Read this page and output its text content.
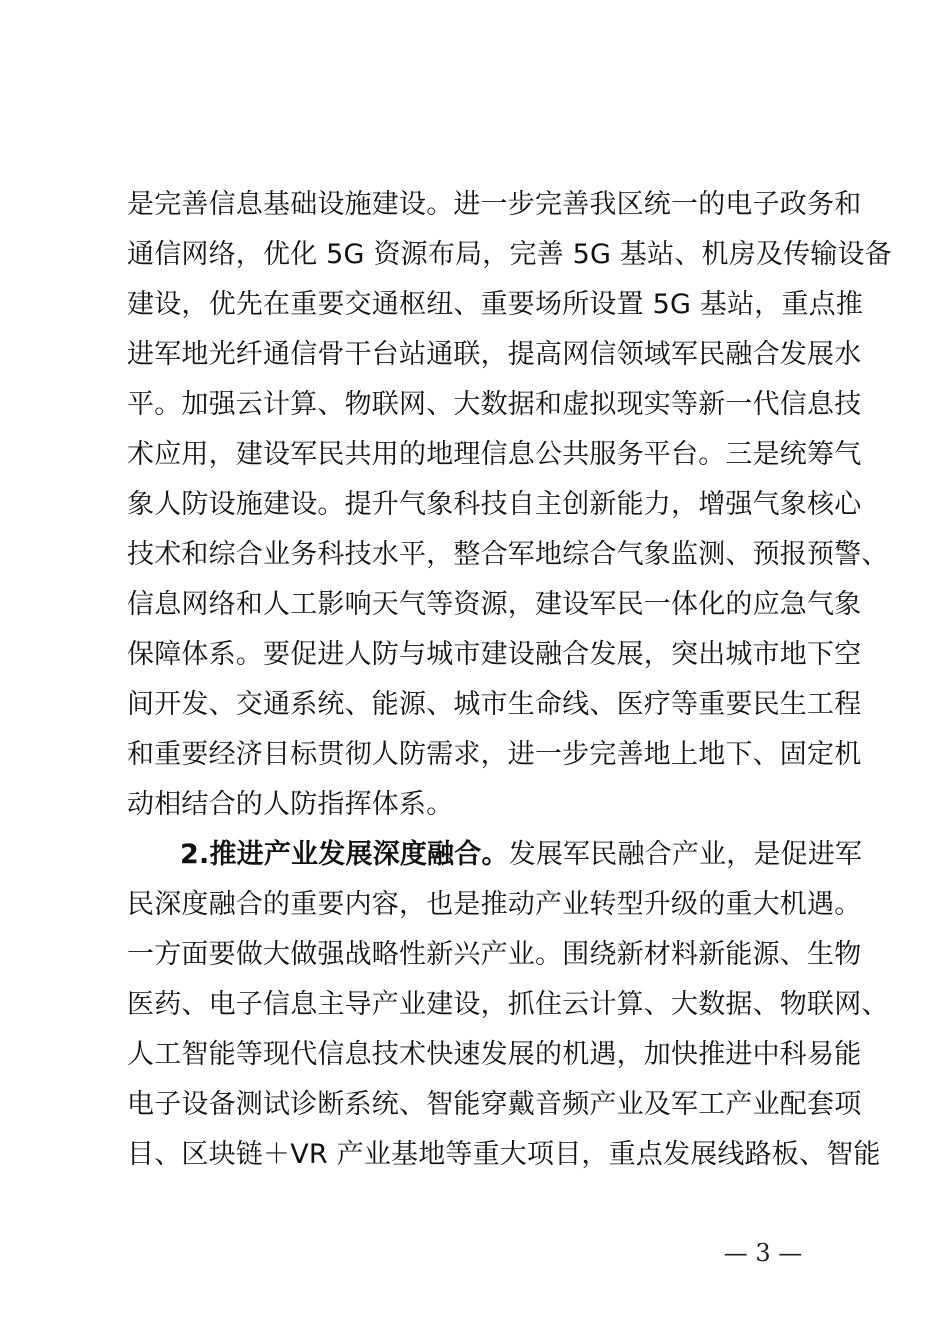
是完善信息基础设施建设。进一步完善我区统一的电子政务和
通信网络，优化 5G 资源布局，完善 5G 基站、机房及传输设备
建设，优先在重要交通枢纽、重要场所设置 5G 基站，重点推
进军地光纤通信骨干台站通联，提高网信领域军民融合发展水
平。加强云计算、物联网、大数据和虚拟现实等新一代信息技
术应用，建设军民共用的地理信息公共服务平台。三是统筹气
象人防设施建设。提升气象科技自主创新能力，增强气象核心
技术和综合业务科技水平，整合军地综合气象监测、预报预警、
信息网络和人工影响天气等资源，建设军民一体化的应急气象
保障体系。要促进人防与城市建设融合发展，突出城市地下空
间开发、交通系统、能源、城市生命线、医疗等重要民生工程
和重要经济目标贯彻人防需求，进一步完善地上地下、固定机
动相结合的人防指挥体系。
2.推进产业发展深度融合。发展军民融合产业，是促进军
民深度融合的重要内容，也是推动产业转型升级的重大机遇。
一方面要做大做强战略性新兴产业。围绕新材料新能源、生物
医药、电子信息主导产业建设，抓住云计算、大数据、物联网、
人工智能等现代信息技术快速发展的机遇，加快推进中科易能
电子设备测试诊断系统、智能穿戴音频产业及军工产业配套项
目、区块链＋VR 产业基地等重大项目，重点发展线路板、智能
— 3 —
